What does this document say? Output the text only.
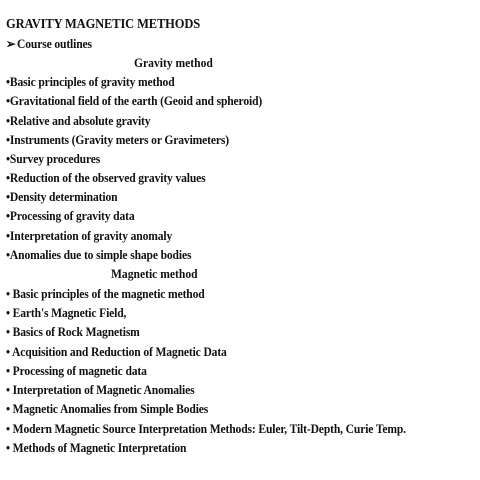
GRAVITY MAGNETIC METHODS
➢Course outlines
Gravity method
•Basic principles of gravity method
•Gravitational field of the earth (Geoid and spheroid)
•Relative and absolute gravity
•Instruments (Gravity meters or Gravimeters)
•Survey procedures
•Reduction of the observed gravity values
•Density determination
•Processing of gravity data
•Interpretation of gravity anomaly
•Anomalies due to simple shape bodies
Magnetic method
• Basic principles of the magnetic method
• Earth's Magnetic Field,
• Basics of Rock Magnetism
• Acquisition and Reduction of Magnetic Data
• Processing of magnetic data
• Interpretation of Magnetic Anomalies
• Magnetic Anomalies from Simple Bodies
• Modern Magnetic Source Interpretation Methods: Euler, Tilt-Depth, Curie Temp.
• Methods of Magnetic Interpretation
